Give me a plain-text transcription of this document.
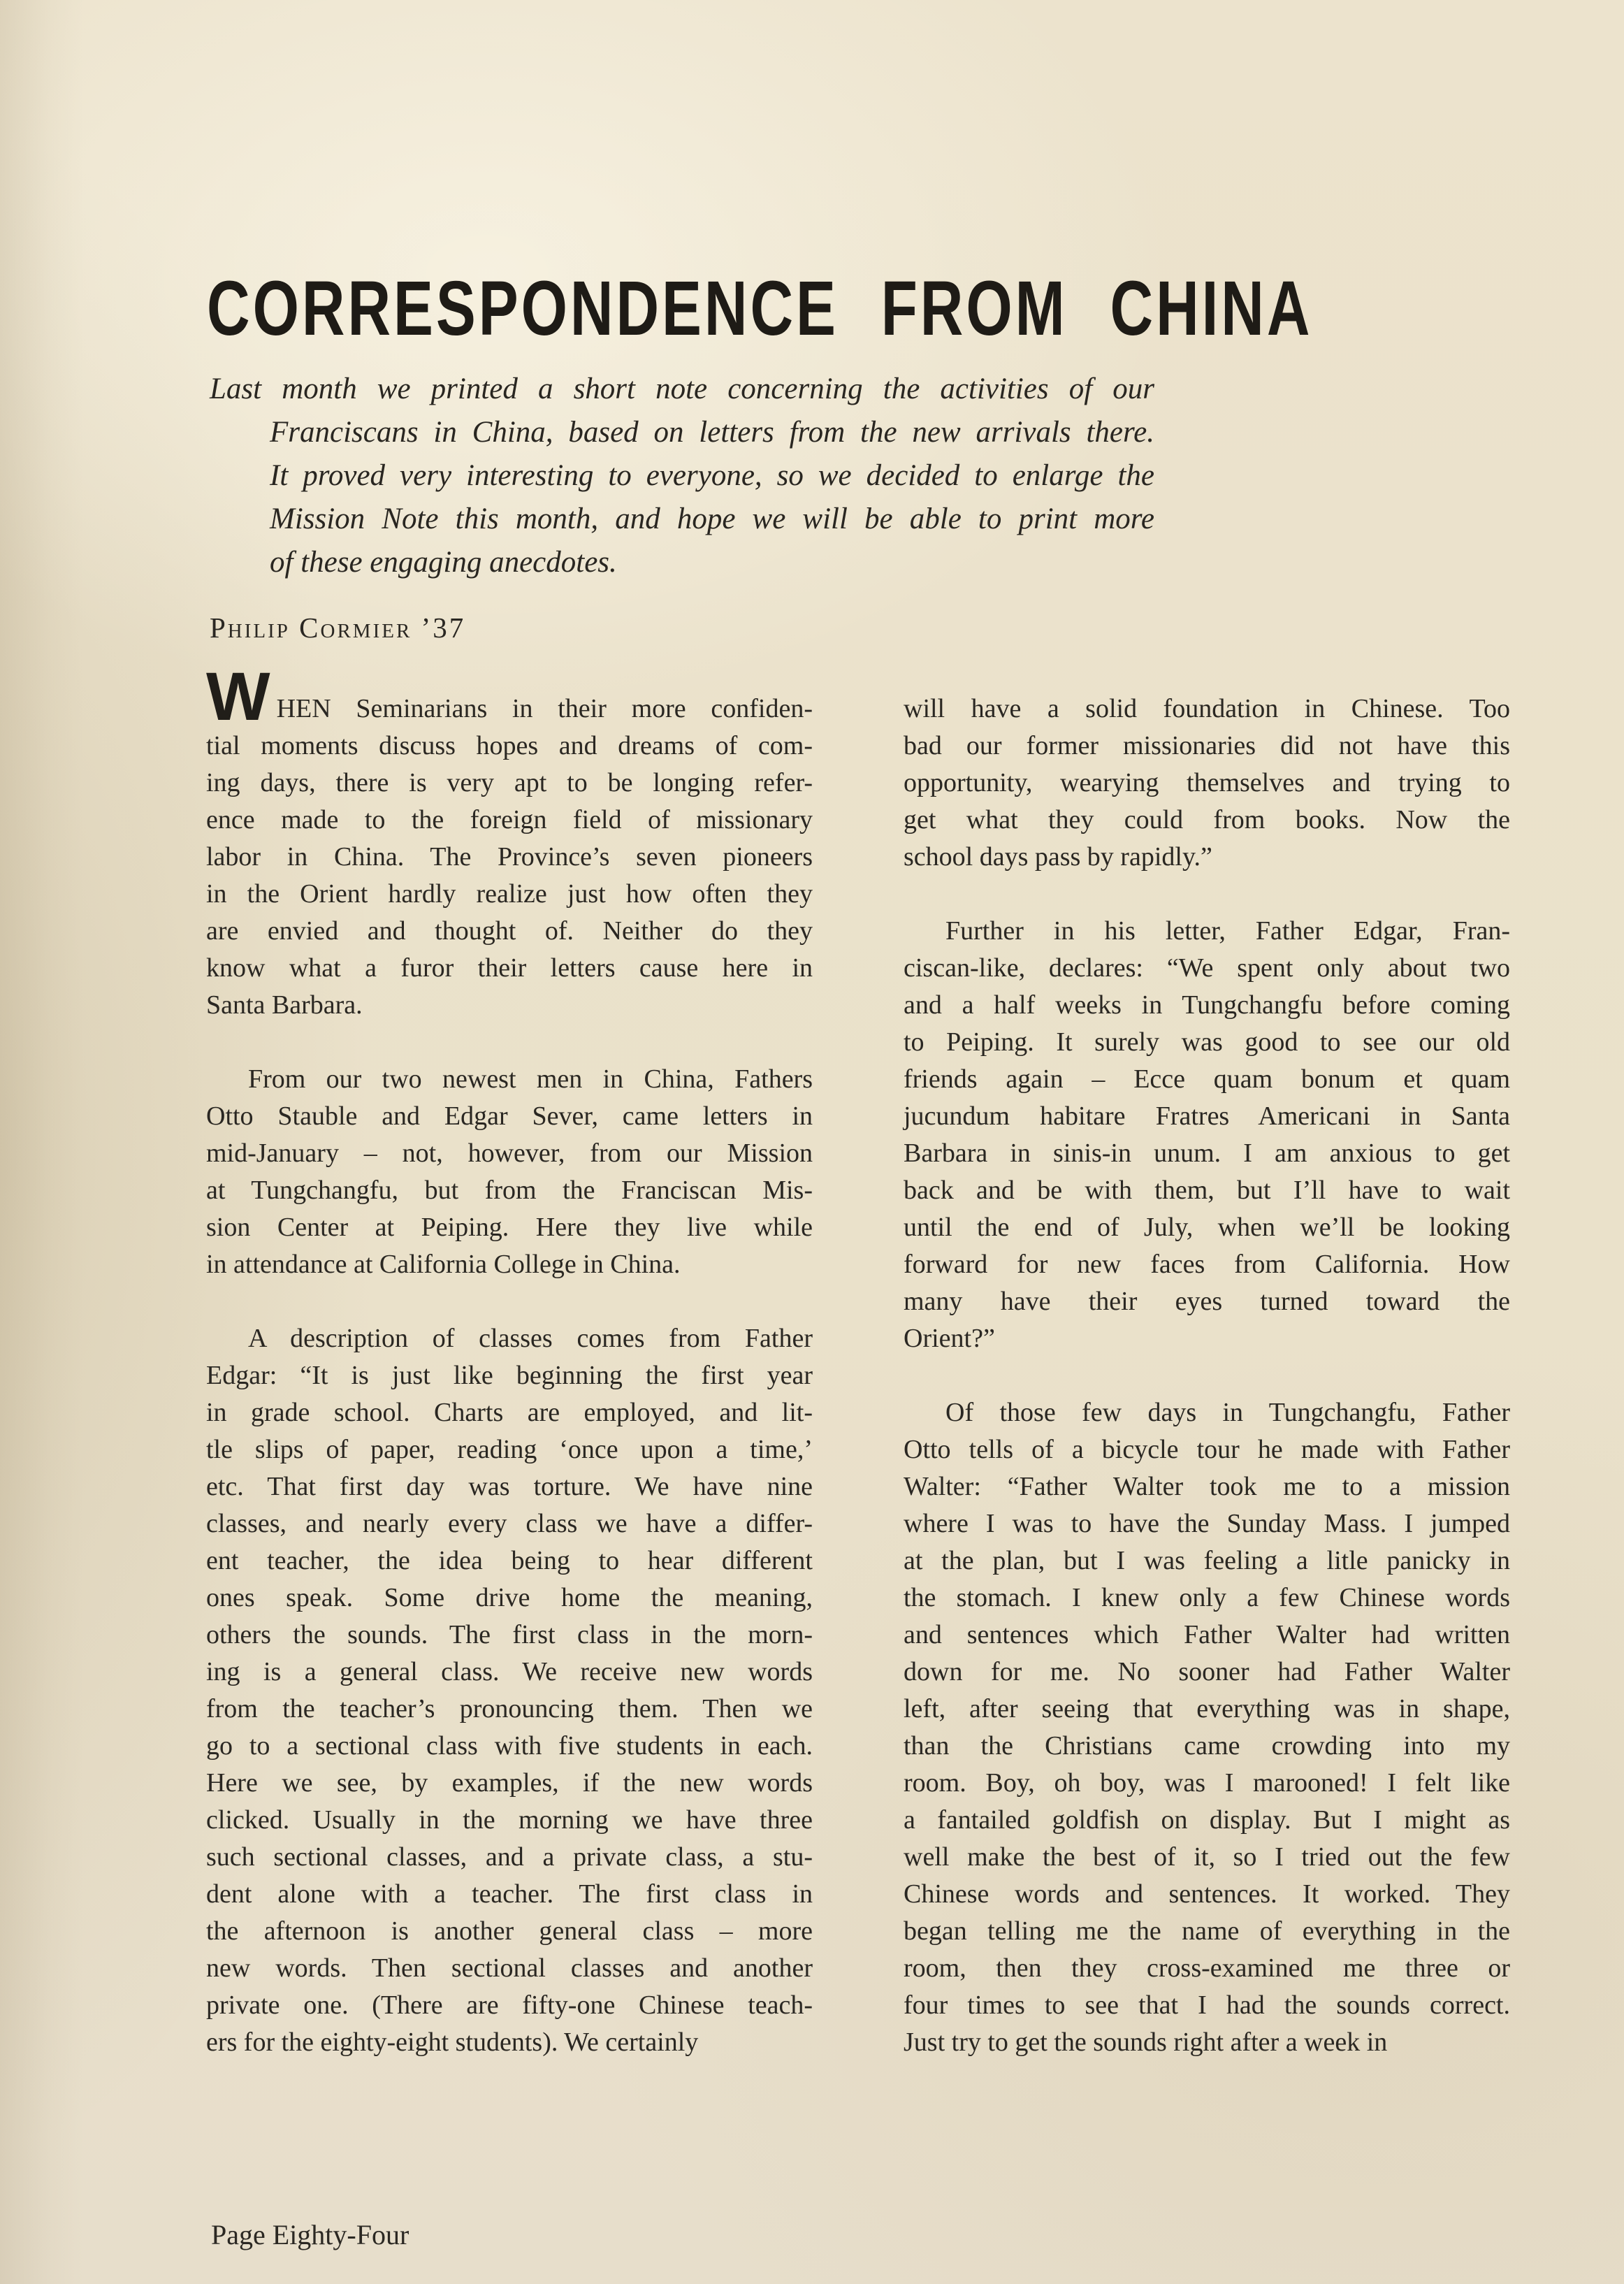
CORRESPONDENCE FROM CHINA
Last month we printed a short note concerning the activities of our
Franciscans in China, based on letters from the new arrivals there.
It proved very interesting to everyone, so we decided to enlarge the
Mission Note this month, and hope we will be able to print more
of these engaging anecdotes.
Philip Cormier ’37
WHEN Seminarians in their more confiden-
tial moments discuss hopes and dreams of com-
ing days, there is very apt to be longing refer-
ence made to the foreign field of missionary
labor in China. The Province’s seven pioneers
in the Orient hardly realize just how often they
are envied and thought of. Neither do they
know what a furor their letters cause here in
Santa Barbara.
From our two newest men in China, Fathers
Otto Stauble and Edgar Sever, came letters in
mid-January – not, however, from our Mission
at Tungchangfu, but from the Franciscan Mis-
sion Center at Peiping. Here they live while
in attendance at California College in China.
A description of classes comes from Father
Edgar: “It is just like beginning the first year
in grade school. Charts are employed, and lit-
tle slips of paper, reading ‘once upon a time,’
etc. That first day was torture. We have nine
classes, and nearly every class we have a differ-
ent teacher, the idea being to hear different
ones speak. Some drive home the meaning,
others the sounds. The first class in the morn-
ing is a general class. We receive new words
from the teacher’s pronouncing them. Then we
go to a sectional class with five students in each.
Here we see, by examples, if the new words
clicked. Usually in the morning we have three
such sectional classes, and a private class, a stu-
dent alone with a teacher. The first class in
the afternoon is another general class – more
new words. Then sectional classes and another
private one. (There are fifty-one Chinese teach-
ers for the eighty-eight students). We certainly
will have a solid foundation in Chinese. Too
bad our former missionaries did not have this
opportunity, wearying themselves and trying to
get what they could from books. Now the
school days pass by rapidly.”
Further in his letter, Father Edgar, Fran-
ciscan-like, declares: “We spent only about two
and a half weeks in Tungchangfu before coming
to Peiping. It surely was good to see our old
friends again – Ecce quam bonum et quam
jucundum habitare Fratres Americani in Santa
Barbara in sinis-in unum. I am anxious to get
back and be with them, but I’ll have to wait
until the end of July, when we’ll be looking
forward for new faces from California. How
many have their eyes turned toward the
Orient?”
Of those few days in Tungchangfu, Father
Otto tells of a bicycle tour he made with Father
Walter: “Father Walter took me to a mission
where I was to have the Sunday Mass. I jumped
at the plan, but I was feeling a litle panicky in
the stomach. I knew only a few Chinese words
and sentences which Father Walter had written
down for me. No sooner had Father Walter
left, after seeing that everything was in shape,
than the Christians came crowding into my
room. Boy, oh boy, was I marooned! I felt like
a fantailed goldfish on display. But I might as
well make the best of it, so I tried out the few
Chinese words and sentences. It worked. They
began telling me the name of everything in the
room, then they cross-examined me three or
four times to see that I had the sounds correct.
Just try to get the sounds right after a week in
Page Eighty-Four
